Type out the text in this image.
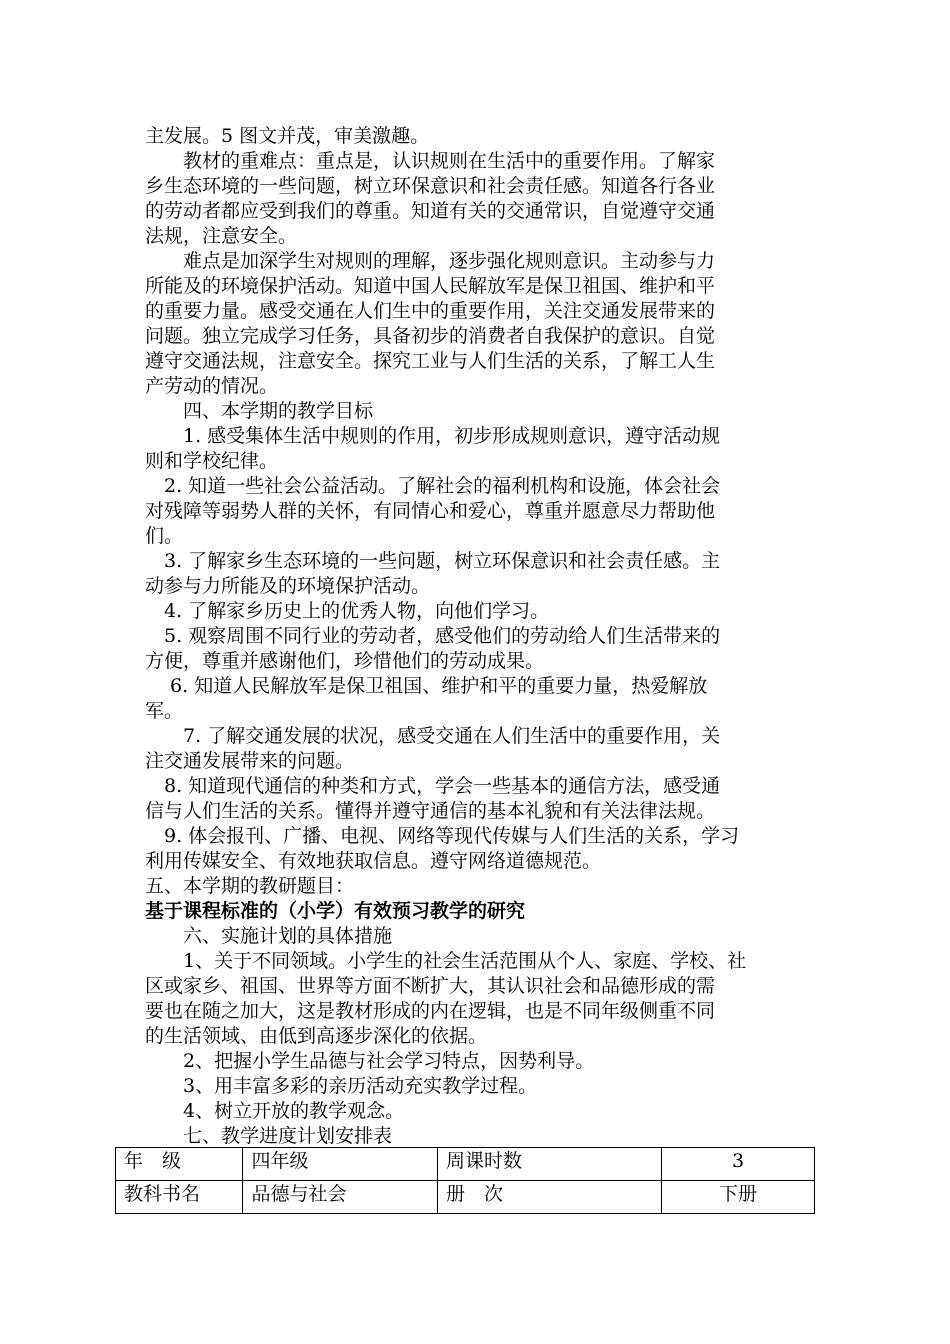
主发展。5 图文并茂，审美激趣。
　　教材的重难点：重点是，认识规则在生活中的重要作用。了解家
乡生态环境的一些问题，树立环保意识和社会责任感。知道各行各业
的劳动者都应受到我们的尊重。知道有关的交通常识，自觉遵守交通
法规，注意安全。
　　难点是加深学生对规则的理解，逐步强化规则意识。主动参与力
所能及的环境保护活动。知道中国人民解放军是保卫祖国、维护和平
的重要力量。感受交通在人们生中的重要作用，关注交通发展带来的
问题。独立完成学习任务，具备初步的消费者自我保护的意识。自觉
遵守交通法规，注意安全。探究工业与人们生活的关系，了解工人生
产劳动的情况。
　　四、本学期的教学目标
　　1. 感受集体生活中规则的作用，初步形成规则意识，遵守活动规
则和学校纪律。
　2. 知道一些社会公益活动。了解社会的福利机构和设施，体会社会
对残障等弱势人群的关怀，有同情心和爱心，尊重并愿意尽力帮助他
们。
　3. 了解家乡生态环境的一些问题，树立环保意识和社会责任感。主
动参与力所能及的环境保护活动。
　4. 了解家乡历史上的优秀人物，向他们学习。
　5. 观察周围不同行业的劳动者，感受他们的劳动给人们生活带来的
方便，尊重并感谢他们，珍惜他们的劳动成果。
　 6. 知道人民解放军是保卫祖国、维护和平的重要力量，热爱解放
军。
　　7. 了解交通发展的状况，感受交通在人们生活中的重要作用，关
注交通发展带来的问题。
　8. 知道现代通信的种类和方式，学会一些基本的通信方法，感受通
信与人们生活的关系。懂得并遵守通信的基本礼貌和有关法律法规。
　9. 体会报刊、广播、电视、网络等现代传媒与人们生活的关系，学习
利用传媒安全、有效地获取信息。遵守网络道德规范。
五、本学期的教研题目：
基于课程标准的（小学）有效预习教学的研究
　　六、实施计划的具体措施
　　1、关于不同领域。小学生的社会生活范围从个人、家庭、学校、社
区或家乡、祖国、世界等方面不断扩大，其认识社会和品德形成的需
要也在随之加大，这是教材形成的内在逻辑，也是不同年级侧重不同
的生活领域、由低到高逐步深化的依据。
　　2、把握小学生品德与社会学习特点，因势利导。
　　3、用丰富多彩的亲历活动充实教学过程。
　　4、树立开放的教学观念。
　　七、教学进度计划安排表
年　级	四年级	周课时数	3
教科书名	品德与社会	册　次	下册
